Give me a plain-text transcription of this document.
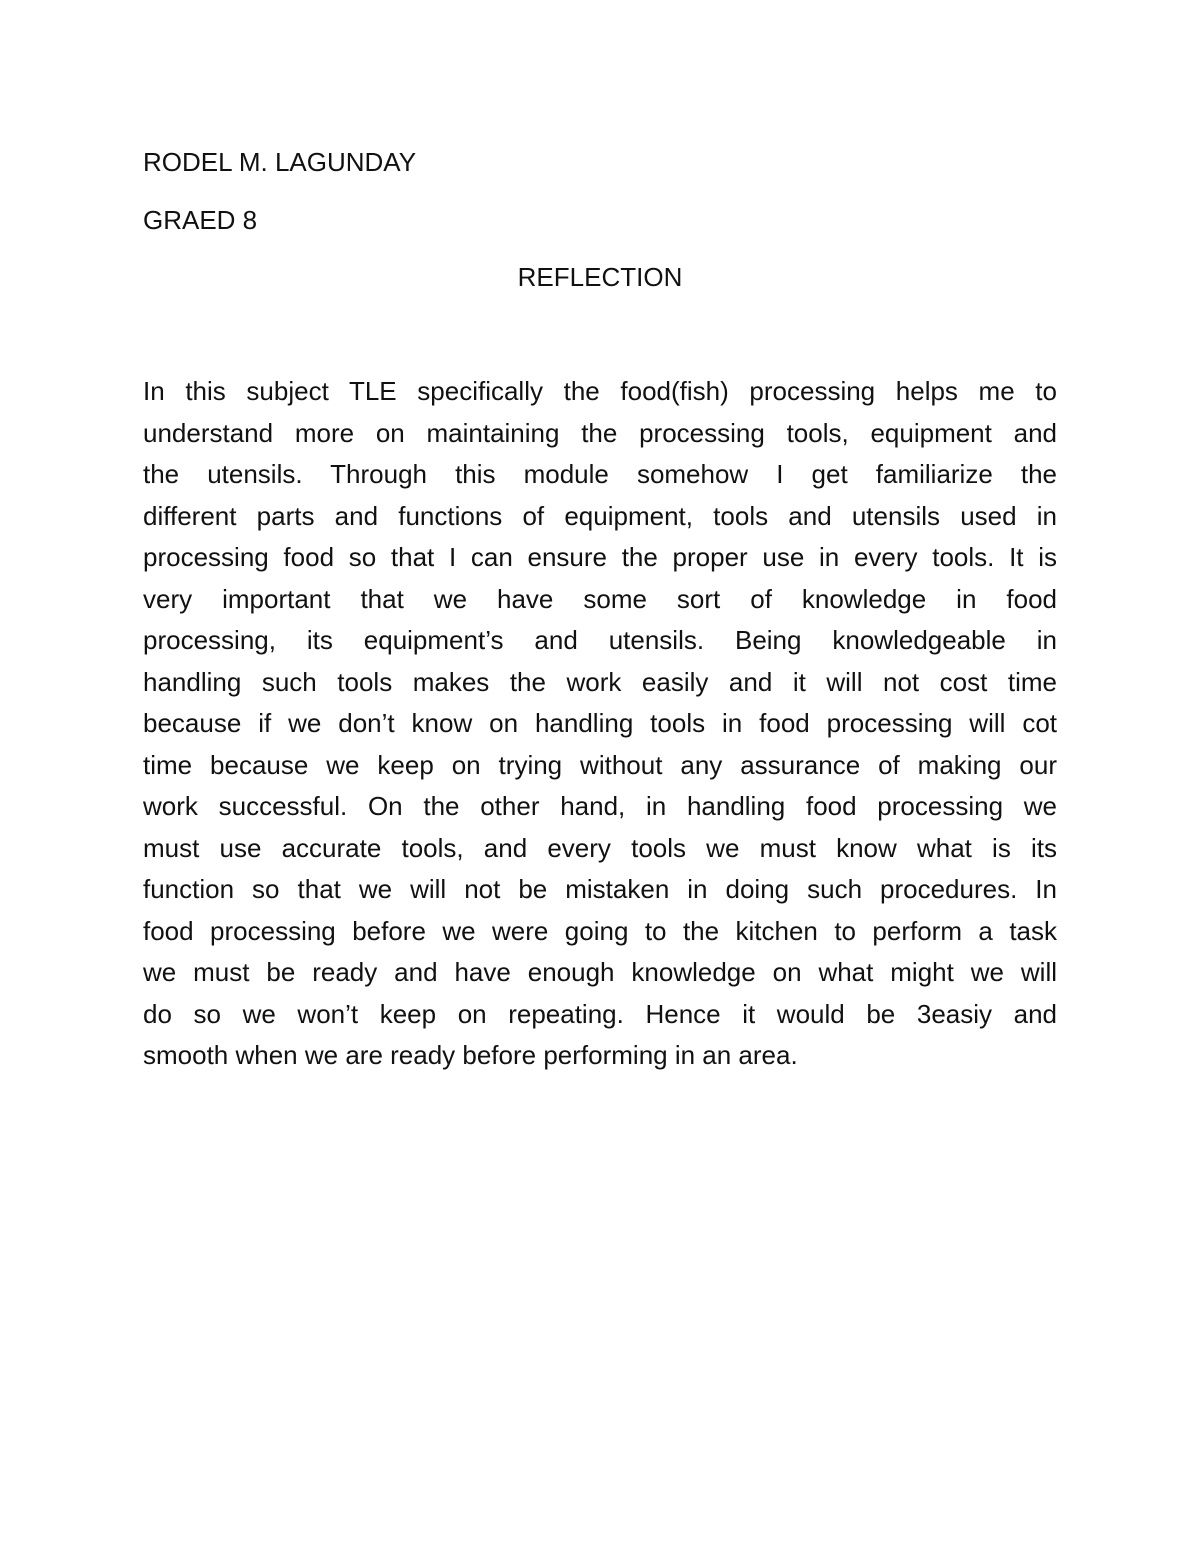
RODEL M. LAGUNDAY
GRAED 8
REFLECTION
In this subject TLE specifically the food(fish) processing helps me to
understand more on maintaining the processing tools, equipment and
the utensils. Through this module somehow I get familiarize the
different parts and functions of equipment, tools and utensils used in
processing food so that I can ensure the proper use in every tools. It is
very important that we have some sort of knowledge in food
processing, its equipment’s and utensils. Being knowledgeable in
handling such tools makes the work easily and it will not cost time
because if we don’t know on handling tools in food processing will cot
time because we keep on trying without any assurance of making our
work successful. On the other hand, in handling food processing we
must use accurate tools, and every tools we must know what is its
function so that we will not be mistaken in doing such procedures. In
food processing before we were going to the kitchen to perform a task
we must be ready and have enough knowledge on what might we will
do so we won’t keep on repeating. Hence it would be 3easiy and
smooth when we are ready before performing in an area.
